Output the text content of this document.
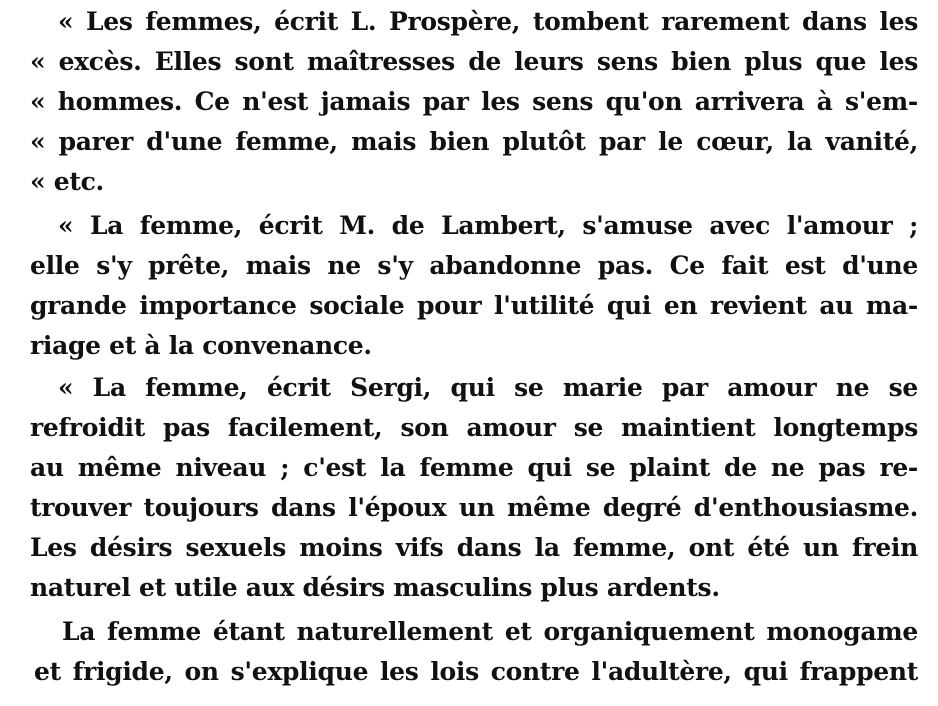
« Les femmes, écrit L. Prospère, tombent rarement dans les
« excès. Elles sont maîtresses de leurs sens bien plus que les
« hommes. Ce n'est jamais par les sens qu'on arrivera à s'em-
« parer d'une femme, mais bien plutôt par le cœur, la vanité,
« etc.
« La femme, écrit M. de Lambert, s'amuse avec l'amour ;
elle s'y prête, mais ne s'y abandonne pas. Ce fait est d'une
grande importance sociale pour l'utilité qui en revient au ma-
riage et à la convenance.
« La femme, écrit Sergi, qui se marie par amour ne se
refroidit pas facilement, son amour se maintient longtemps
au même niveau ; c'est la femme qui se plaint de ne pas re-
trouver toujours dans l'époux un même degré d'enthousiasme.
Les désirs sexuels moins vifs dans la femme, ont été un frein
naturel et utile aux désirs masculins plus ardents.
La femme étant naturellement et organiquement monogame
et frigide, on s'explique les lois contre l'adultère, qui frappent
